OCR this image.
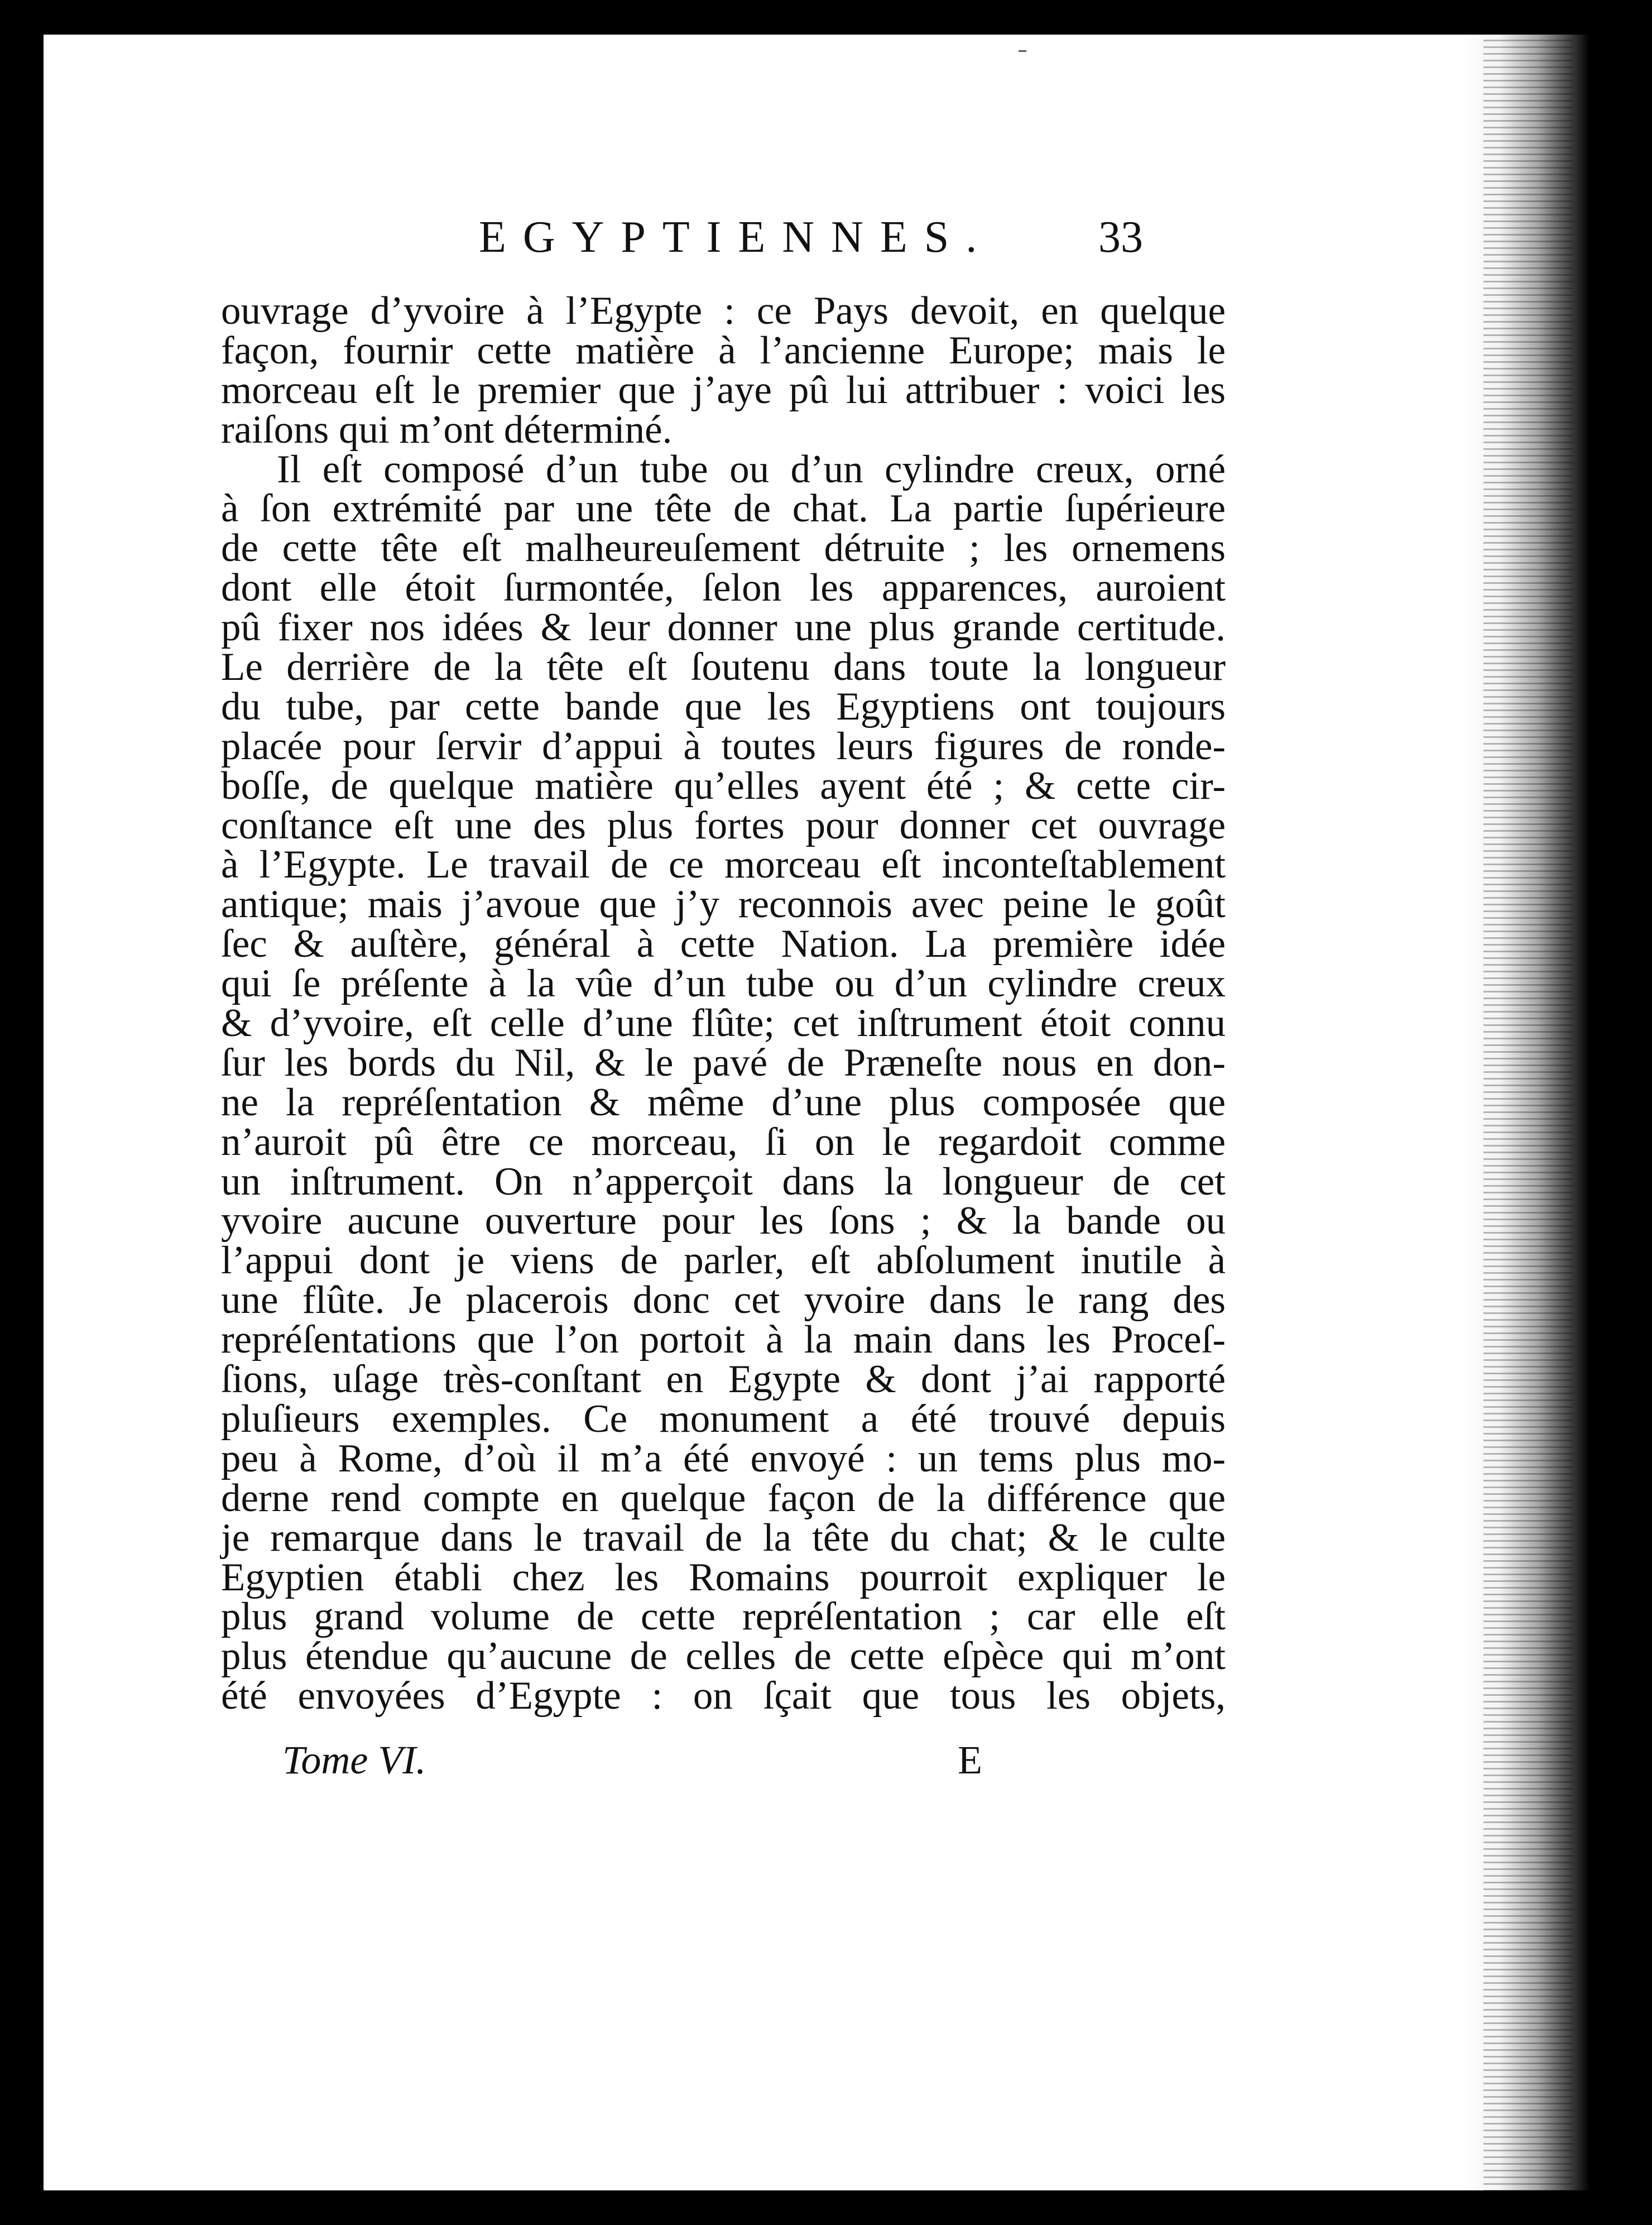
EGYPTIENNES. 33
ouvrage d’yvoire à l’Egypte : ce Pays devoit, en quelque
façon, fournir cette matière à l’ancienne Europe; mais le
morceau eſt le premier que j’aye pû lui attribuer : voici les
raiſons qui m’ont déterminé.
Il eſt composé d’un tube ou d’un cylindre creux, orné
à ſon extrémité par une tête de chat. La partie ſupérieure
de cette tête eſt malheureuſement détruite ; les ornemens
dont elle étoit ſurmontée, ſelon les apparences, auroient
pû fixer nos idées & leur donner une plus grande certitude.
Le derrière de la tête eſt ſoutenu dans toute la longueur
du tube, par cette bande que les Egyptiens ont toujours
placée pour ſervir d’appui à toutes leurs figures de ronde-
boſſe, de quelque matière qu’elles ayent été ; & cette cir-
conſtance eſt une des plus fortes pour donner cet ouvrage
à l’Egypte. Le travail de ce morceau eſt inconteſtablement
antique; mais j’avoue que j’y reconnois avec peine le goût
ſec & auſtère, général à cette Nation. La première idée
qui ſe préſente à la vûe d’un tube ou d’un cylindre creux
& d’yvoire, eſt celle d’une flûte; cet inſtrument étoit connu
ſur les bords du Nil, & le pavé de Præneſte nous en don-
ne la repréſentation & même d’une plus composée que
n’auroit pû être ce morceau, ſi on le regardoit comme
un inſtrument. On n’apperçoit dans la longueur de cet
yvoire aucune ouverture pour les ſons ; & la bande ou
l’appui dont je viens de parler, eſt abſolument inutile à
une flûte. Je placerois donc cet yvoire dans le rang des
repréſentations que l’on portoit à la main dans les Proceſ-
ſions, uſage très-conſtant en Egypte & dont j’ai rapporté
pluſieurs exemples. Ce monument a été trouvé depuis
peu à Rome, d’où il m’a été envoyé : un tems plus mo-
derne rend compte en quelque façon de la différence que
je remarque dans le travail de la tête du chat; & le culte
Egyptien établi chez les Romains pourroit expliquer le
plus grand volume de cette repréſentation ; car elle eſt
plus étendue qu’aucune de celles de cette eſpèce qui m’ont
été envoyées d’Egypte : on ſçait que tous les objets,
Tome VI.	E
